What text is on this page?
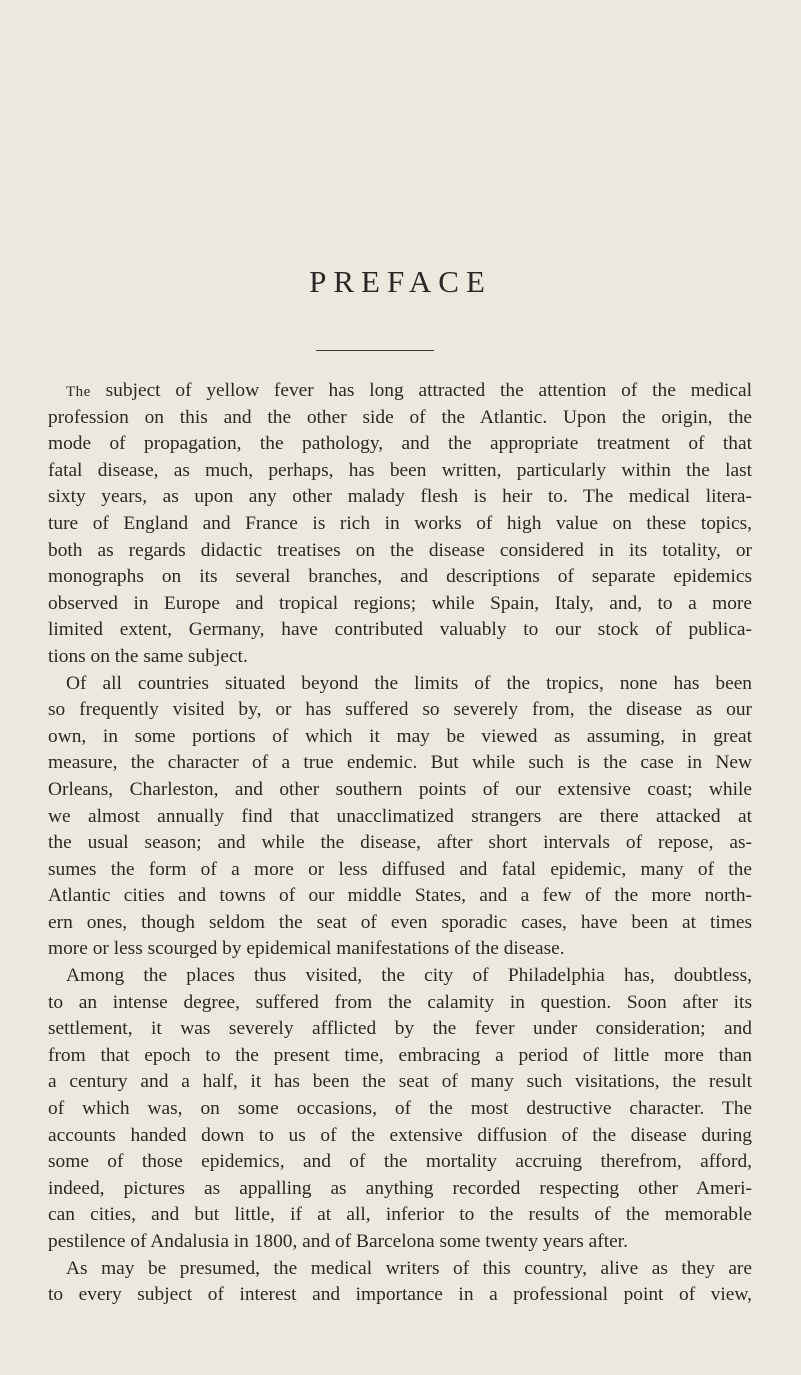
PREFACE
The subject of yellow fever has long attracted the attention of the medical
profession on this and the other side of the Atlantic. Upon the origin, the
mode of propagation, the pathology, and the appropriate treatment of that
fatal disease, as much, perhaps, has been written, particularly within the last
sixty years, as upon any other malady flesh is heir to. The medical litera-
ture of England and France is rich in works of high value on these topics,
both as regards didactic treatises on the disease considered in its totality, or
monographs on its several branches, and descriptions of separate epidemics
observed in Europe and tropical regions; while Spain, Italy, and, to a more
limited extent, Germany, have contributed valuably to our stock of publica-
tions on the same subject.
Of all countries situated beyond the limits of the tropics, none has been
so frequently visited by, or has suffered so severely from, the disease as our
own, in some portions of which it may be viewed as assuming, in great
measure, the character of a true endemic. But while such is the case in New
Orleans, Charleston, and other southern points of our extensive coast; while
we almost annually find that unacclimatized strangers are there attacked at
the usual season; and while the disease, after short intervals of repose, as-
sumes the form of a more or less diffused and fatal epidemic, many of the
Atlantic cities and towns of our middle States, and a few of the more north-
ern ones, though seldom the seat of even sporadic cases, have been at times
more or less scourged by epidemical manifestations of the disease.
Among the places thus visited, the city of Philadelphia has, doubtless,
to an intense degree, suffered from the calamity in question. Soon after its
settlement, it was severely afflicted by the fever under consideration; and
from that epoch to the present time, embracing a period of little more than
a century and a half, it has been the seat of many such visitations, the result
of which was, on some occasions, of the most destructive character. The
accounts handed down to us of the extensive diffusion of the disease during
some of those epidemics, and of the mortality accruing therefrom, afford,
indeed, pictures as appalling as anything recorded respecting other Ameri-
can cities, and but little, if at all, inferior to the results of the memorable
pestilence of Andalusia in 1800, and of Barcelona some twenty years after.
As may be presumed, the medical writers of this country, alive as they are
to every subject of interest and importance in a professional point of view,
